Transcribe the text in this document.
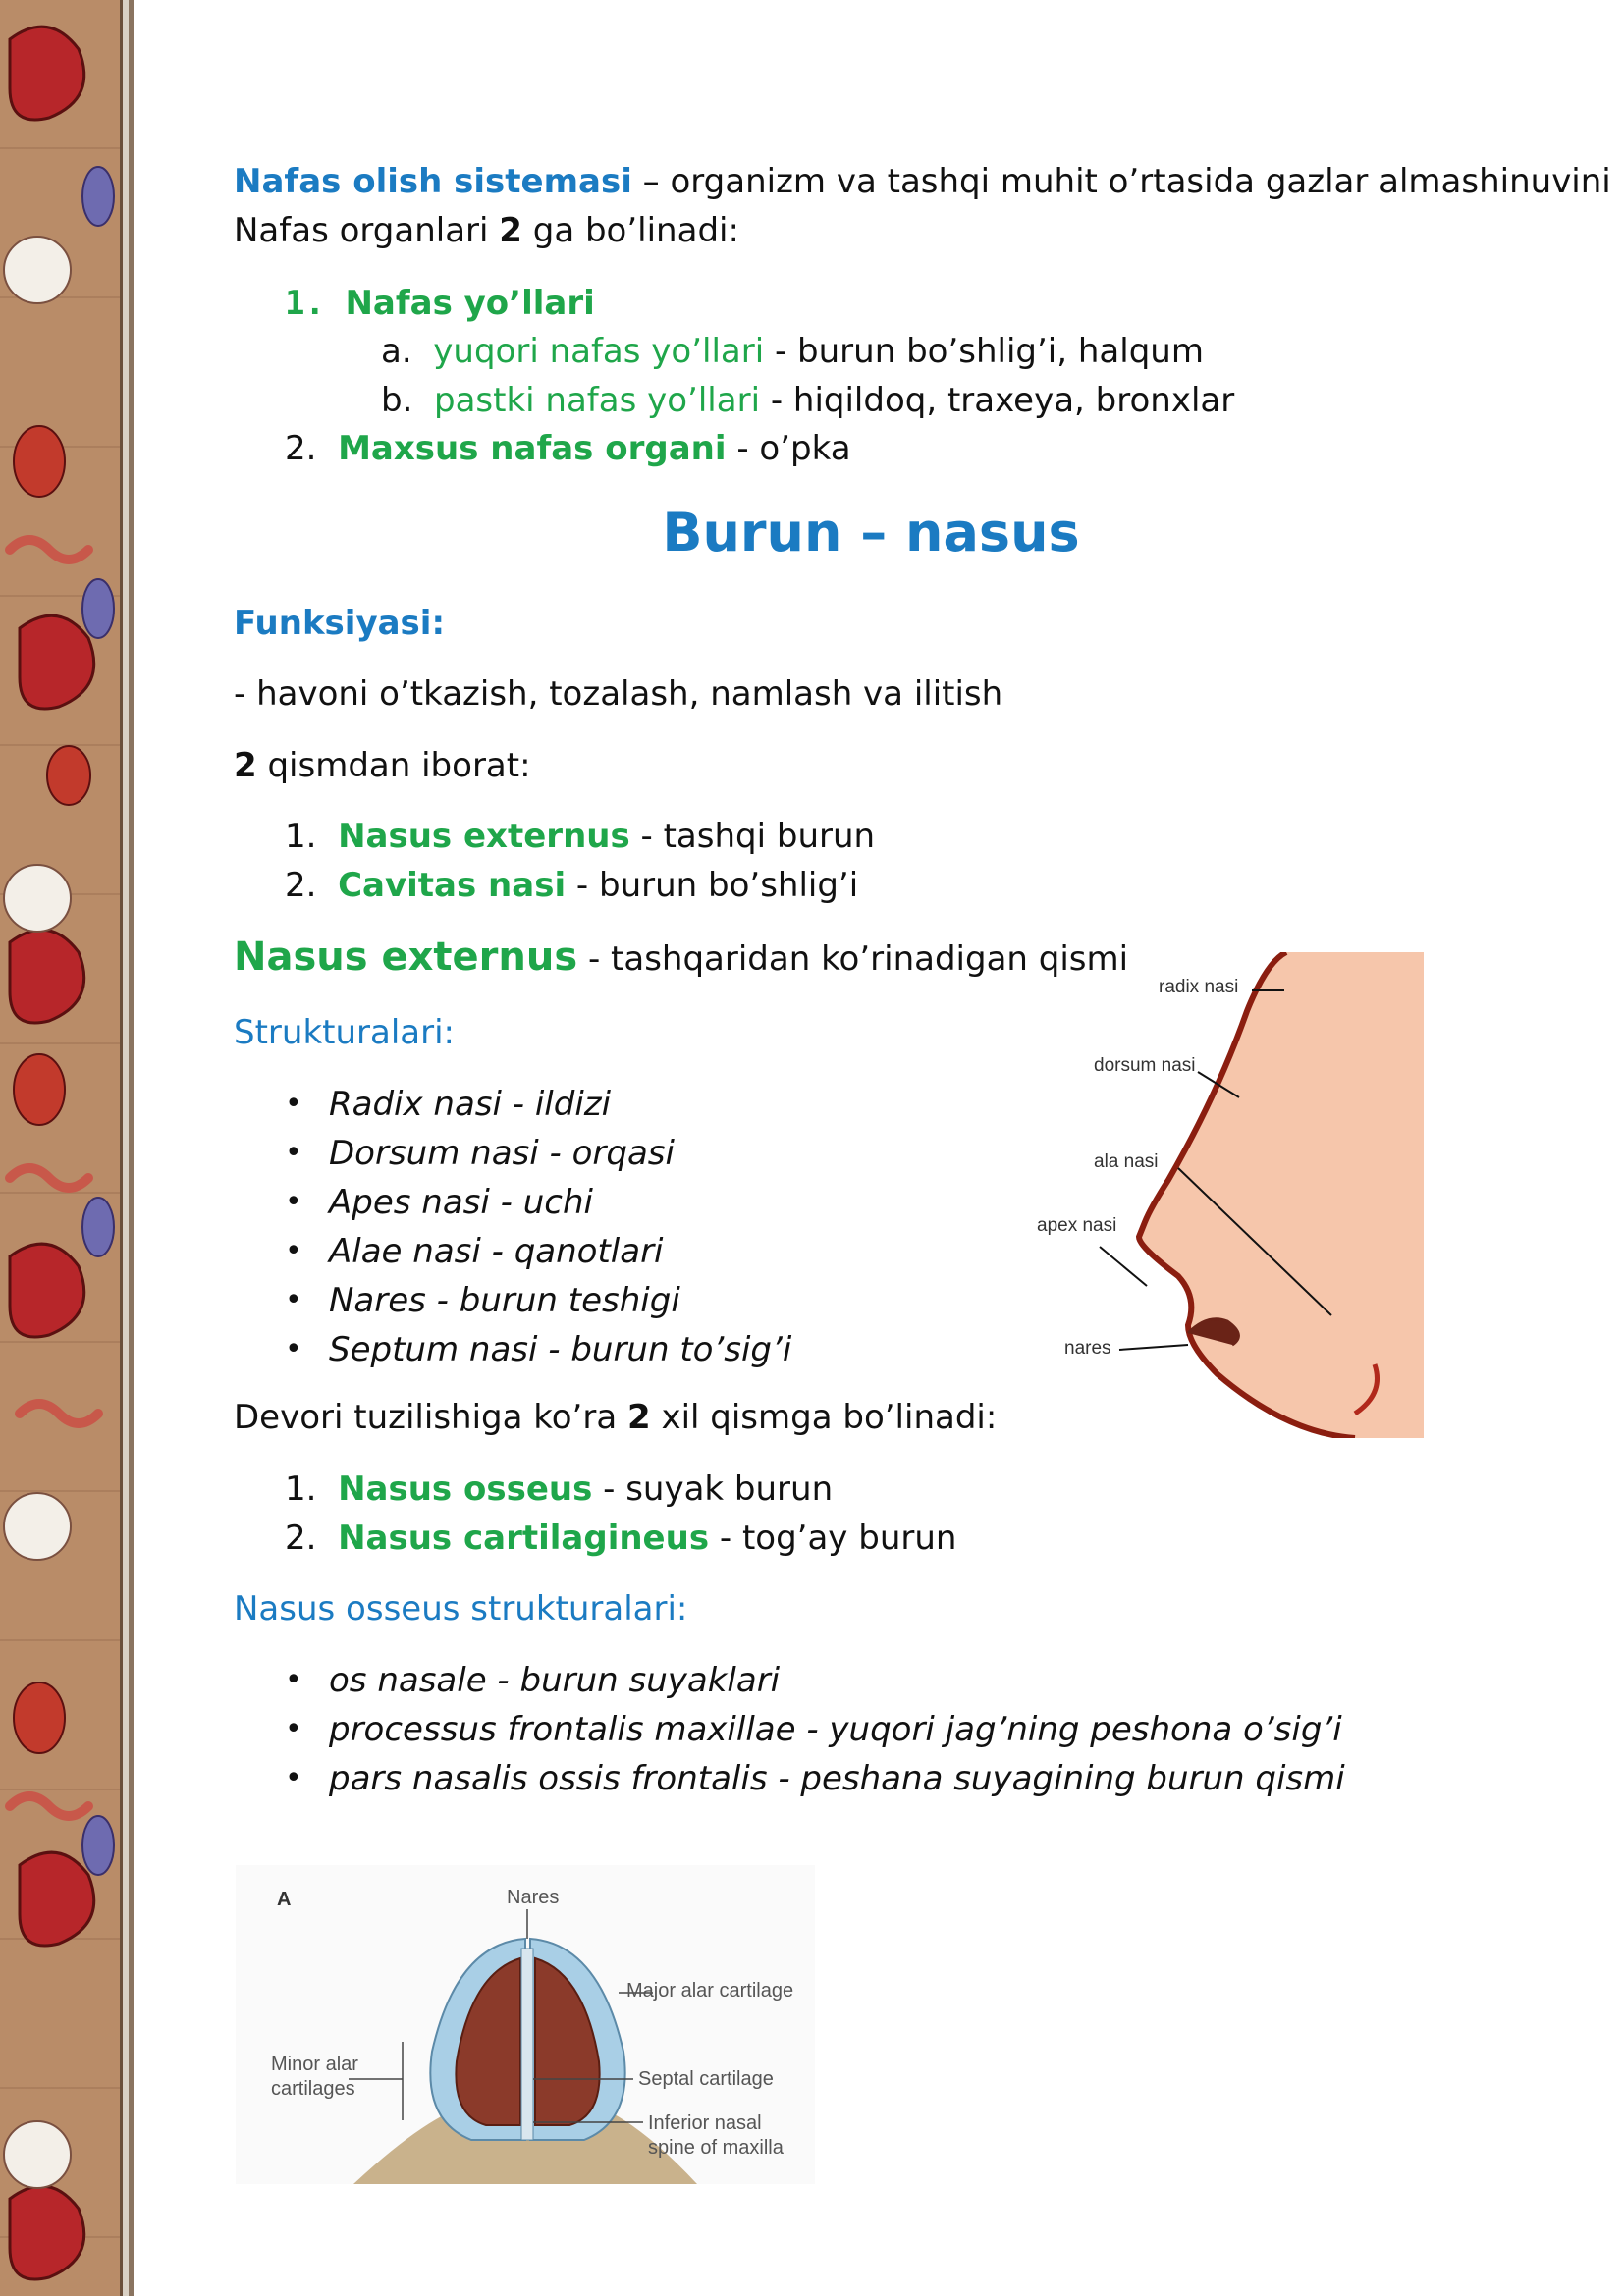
Nafas olish sistemasi – organizm va tashqi muhit o’rtasida gazlar almashinuvini
Nafas organlari 2 ga bo’linadi:
1. Nafas yo’llari
a. yuqori nafas yo’llari - burun bo’shlig’i, halqum
b. pastki nafas yo’llari - hiqildoq, traxeya, bronxlar
2. Maxsus nafas organi - o’pka
Burun – nasus
Funksiyasi:
- havoni o’tkazish, tozalash, namlash va ilitish
2 qismdan iborat:
1. Nasus externus - tashqi burun
2. Cavitas nasi - burun bo’shlig’i
Nasus externus - tashqaridan ko’rinadigan qismi
Strukturalari:
Radix nasi - ildizi
•
Dorsum nasi - orqasi
•
Apes nasi - uchi
•
Alae nasi - qanotlari
•
Nares - burun teshigi
•
Septum nasi - burun to’sig’i
•
radix nasi
dorsum nasi
ala nasi
apex nasi
nares
Devori tuzilishiga ko’ra 2 xil qismga bo’linadi:
1. Nasus osseus - suyak burun
2. Nasus cartilagineus - tog’ay burun
Nasus osseus strukturalari:
os nasale - burun suyaklari
•
processus frontalis maxillae - yuqori jag’ning peshona o’sig’i
•
pars nasalis ossis frontalis - peshana suyagining burun qismi
•
A	Nares
Major alar cartilage
Minor alar
cartilages	Septal cartilage
Inferior nasal
spine of maxilla
